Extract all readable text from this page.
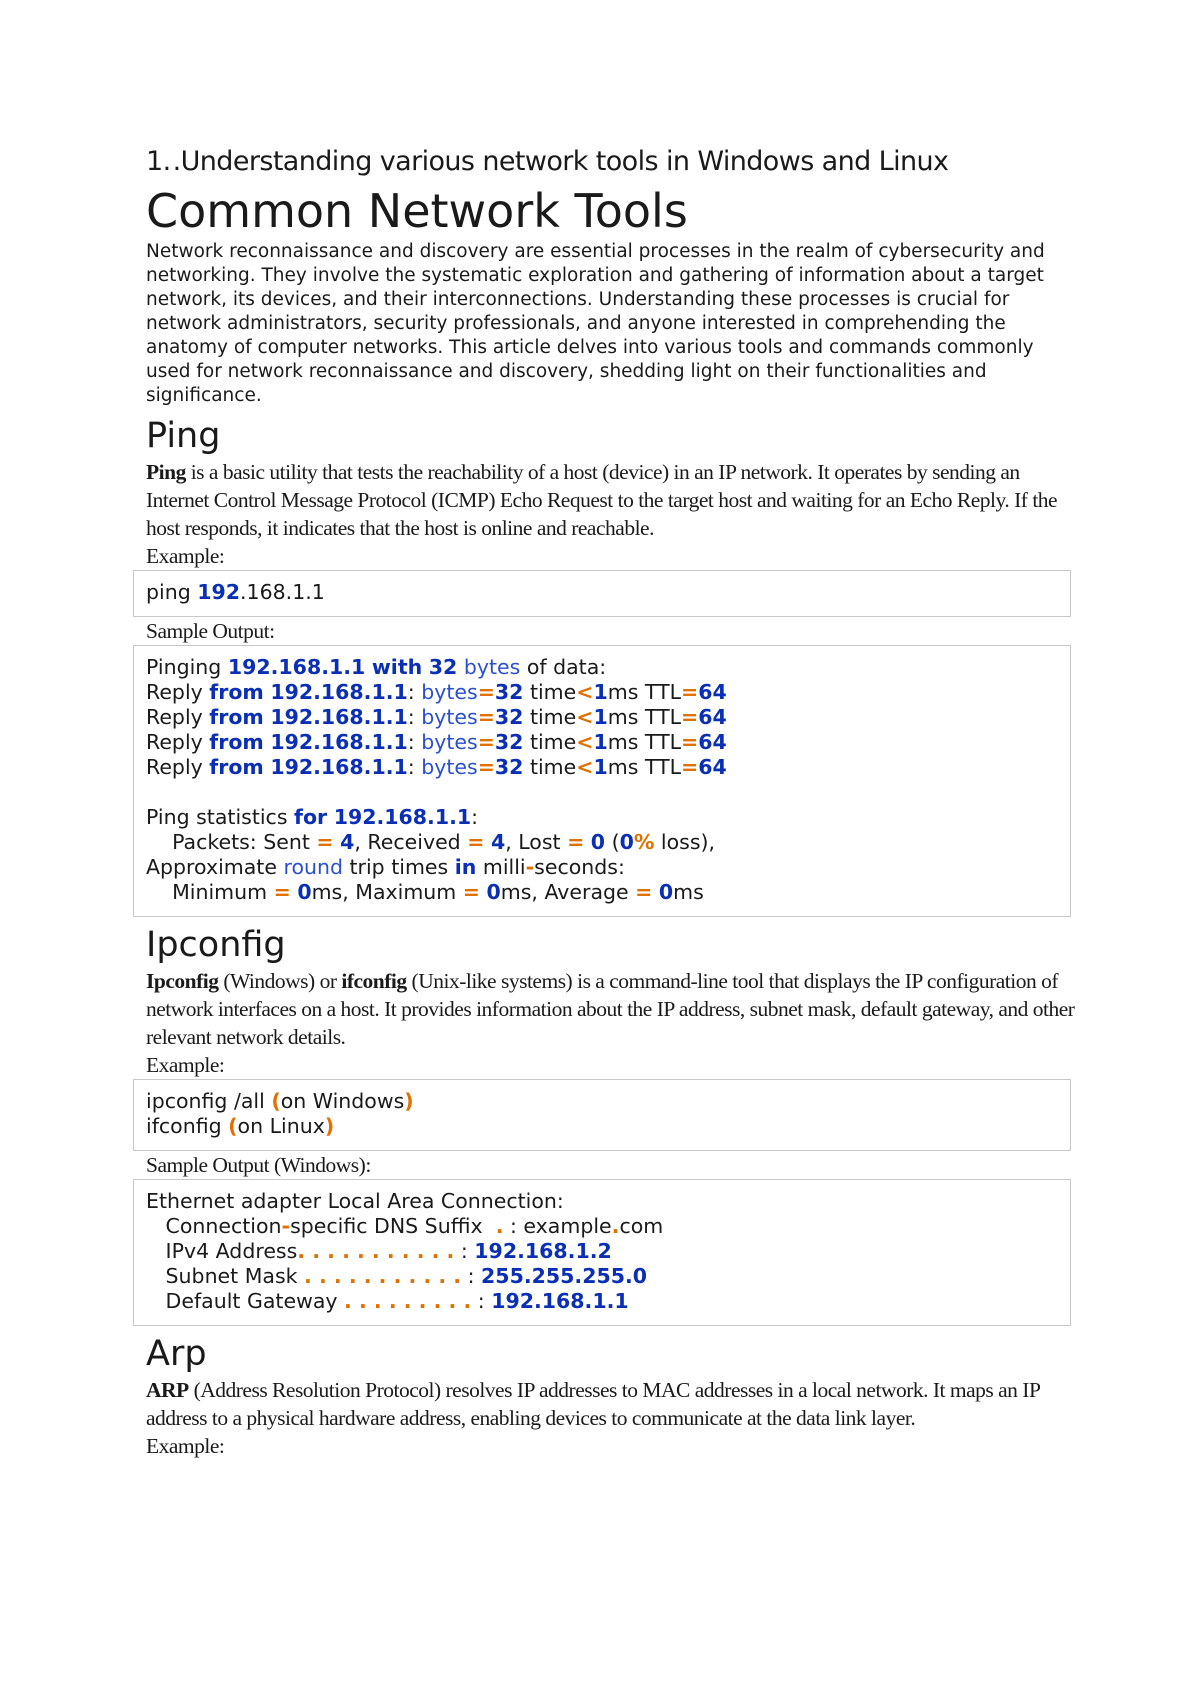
1. .Understanding various network tools in Windows and Linux
Common Network Tools

Network reconnaissance and discovery are essential processes in the realm of cybersecurity and networking. They involve the systematic exploration and gathering of information about a target network, its devices, and their interconnections. Understanding these processes is crucial for network administrators, security professionals, and anyone interested in comprehending the anatomy of computer networks. This article delves into various tools and commands commonly used for network reconnaissance and discovery, shedding light on their functionalities and significance.

Ping

Ping is a basic utility that tests the reachability of a host (device) in an IP network. It operates by sending an Internet Control Message Protocol (ICMP) Echo Request to the target host and waiting for an Echo Reply. If the host responds, it indicates that the host is online and reachable.

Example:

ping 192.168.1.1

Sample Output:

Pinging 192.168.1.1 with 32 bytes of data:
Reply from 192.168.1.1: bytes=32 time<1ms TTL=64
Reply from 192.168.1.1: bytes=32 time<1ms TTL=64
Reply from 192.168.1.1: bytes=32 time<1ms TTL=64
Reply from 192.168.1.1: bytes=32 time<1ms TTL=64
Ping statistics for 192.168.1.1:
Packets: Sent = 4, Received = 4, Lost = 0 (0% loss),
Approximate round trip times in milli-seconds:
Minimum = 0ms, Maximum = 0ms, Average = 0ms
Ipconfig

Ipconfig (Windows) or ifconfig (Unix-like systems) is a command-line tool that displays the IP configuration of network interfaces on a host. It provides information about the IP address, subnet mask, default gateway, and other relevant network details.

Example:

ipconfig /all (on Windows)
ifconfig (on Linux)

Sample Output (Windows):

Ethernet adapter Local Area Connection:
Connection-specific DNS Suffix  . : example.com
IPv4 Address. . . . . . . . . . . : 192.168.1.2
Subnet Mask . . . . . . . . . . . : 255.255.255.0
Default Gateway . . . . . . . . . : 192.168.1.1
Arp

ARP (Address Resolution Protocol) resolves IP addresses to MAC addresses in a local network. It maps an IP address to a physical hardware address, enabling devices to communicate at the data link layer.

Example:
